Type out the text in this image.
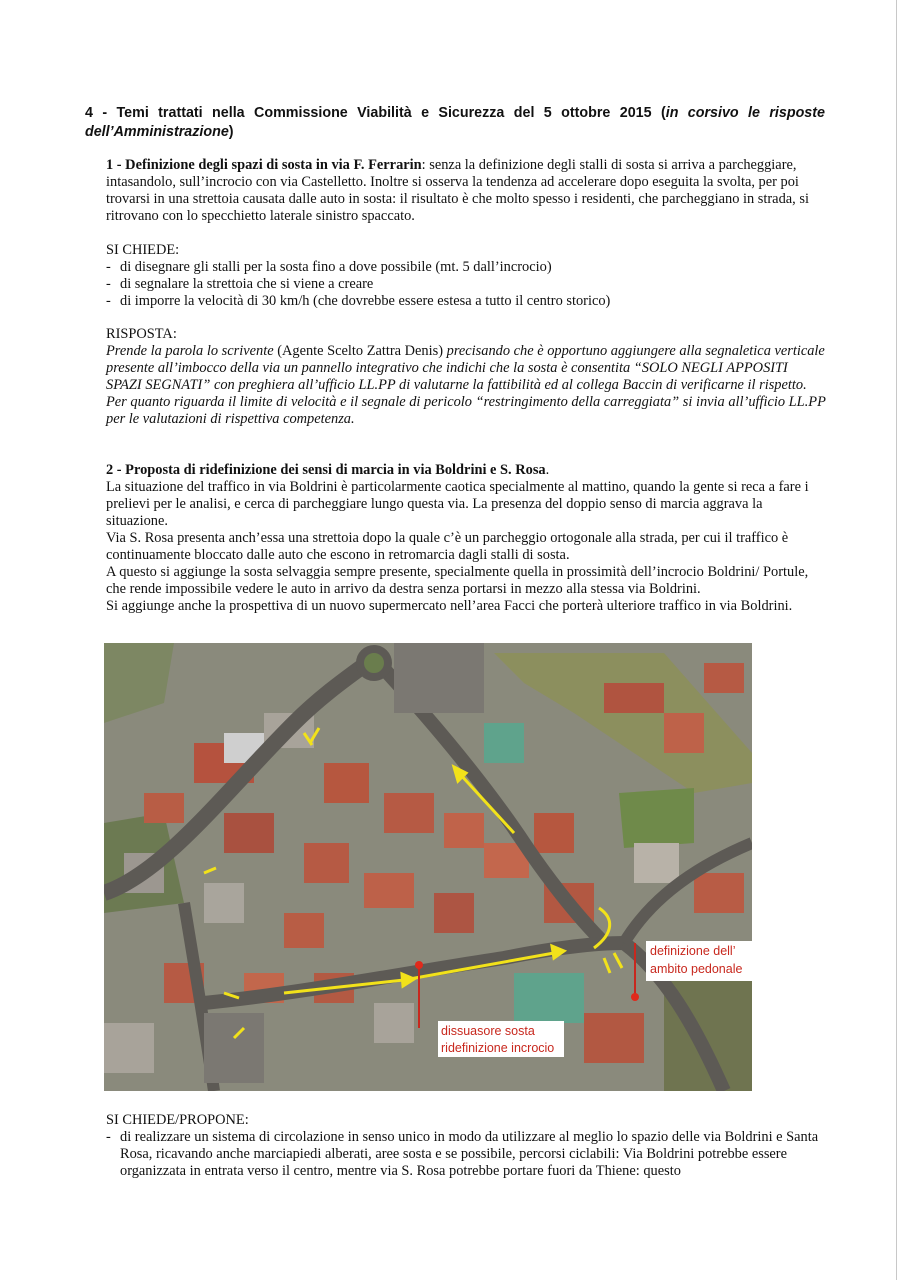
4 - Temi trattati nella Commissione Viabilità e Sicurezza del 5 ottobre 2015 (in corsivo le risposte dell’Amministrazione)

1 - Definizione degli spazi di sosta in via F. Ferrarin: senza la definizione degli stalli di sosta si arriva a parcheggiare, intasandolo, sull’incrocio con via Castelletto. Inoltre si osserva la tendenza ad accelerare dopo eseguita la svolta, per poi trovarsi in una strettoia causata dalle auto in sosta: il risultato è che molto spesso i residenti, che parcheggiano in strada, si ritrovano con lo specchietto laterale sinistro spaccato.

SI CHIEDE:

- di disegnare gli stalli per la sosta fino a dove possibile (mt. 5 dall’incrocio)
- di segnalare la strettoia che si viene a creare
- di imporre la velocità di 30 km/h (che dovrebbe essere estesa a tutto il centro storico)

RISPOSTA:

Prende la parola lo scrivente (Agente Scelto Zattra Denis) precisando che è opportuno aggiungere alla segnaletica verticale presente all’imbocco della via un pannello integrativo che indichi che la sosta è consentita “SOLO NEGLI APPOSITI SPAZI SEGNATI” con preghiera all’ufficio LL.PP di valutarne la fattibilità ed al collega Baccin di verificarne il rispetto. Per quanto riguarda il limite di velocità e il segnale di pericolo “restringimento della carreggiata” si invia all’ufficio LL.PP per le valutazioni di rispettiva competenza.

2 - Proposta di ridefinizione dei sensi di marcia in via Boldrini e S. Rosa.

La situazione del traffico in via Boldrini è particolarmente caotica specialmente al mattino, quando la gente si reca a fare i prelievi per le analisi, e cerca di parcheggiare lungo questa via. La presenza del doppio senso di marcia aggrava la situazione.

Via S. Rosa presenta anch’essa una strettoia dopo la quale c’è un parcheggio ortogonale alla strada, per cui il traffico è continuamente bloccato dalle auto che escono in retromarcia dagli stalli di sosta.

A questo si aggiunge la sosta selvaggia sempre presente, specialmente quella in prossimità dell’incrocio Boldrini/ Portule, che rende impossibile vedere le auto in arrivo da destra senza portarsi in mezzo alla stessa via Boldrini.

Si aggiunge anche la prospettiva di un nuovo supermercato nell’area Facci che porterà ulteriore traffico in via Boldrini.

definizione dell’
ambito pedonale
dissuasore sosta
ridefinizione incrocio

SI CHIEDE/PROPONE:

- di realizzare un sistema di circolazione in senso unico in modo da utilizzare al meglio lo spazio delle via Boldrini e Santa Rosa, ricavando anche marciapiedi alberati, aree sosta e se possibile, percorsi ciclabili: Via Boldrini potrebbe essere organizzata in entrata verso il centro, mentre via S. Rosa potrebbe portare fuori da Thiene: questo
